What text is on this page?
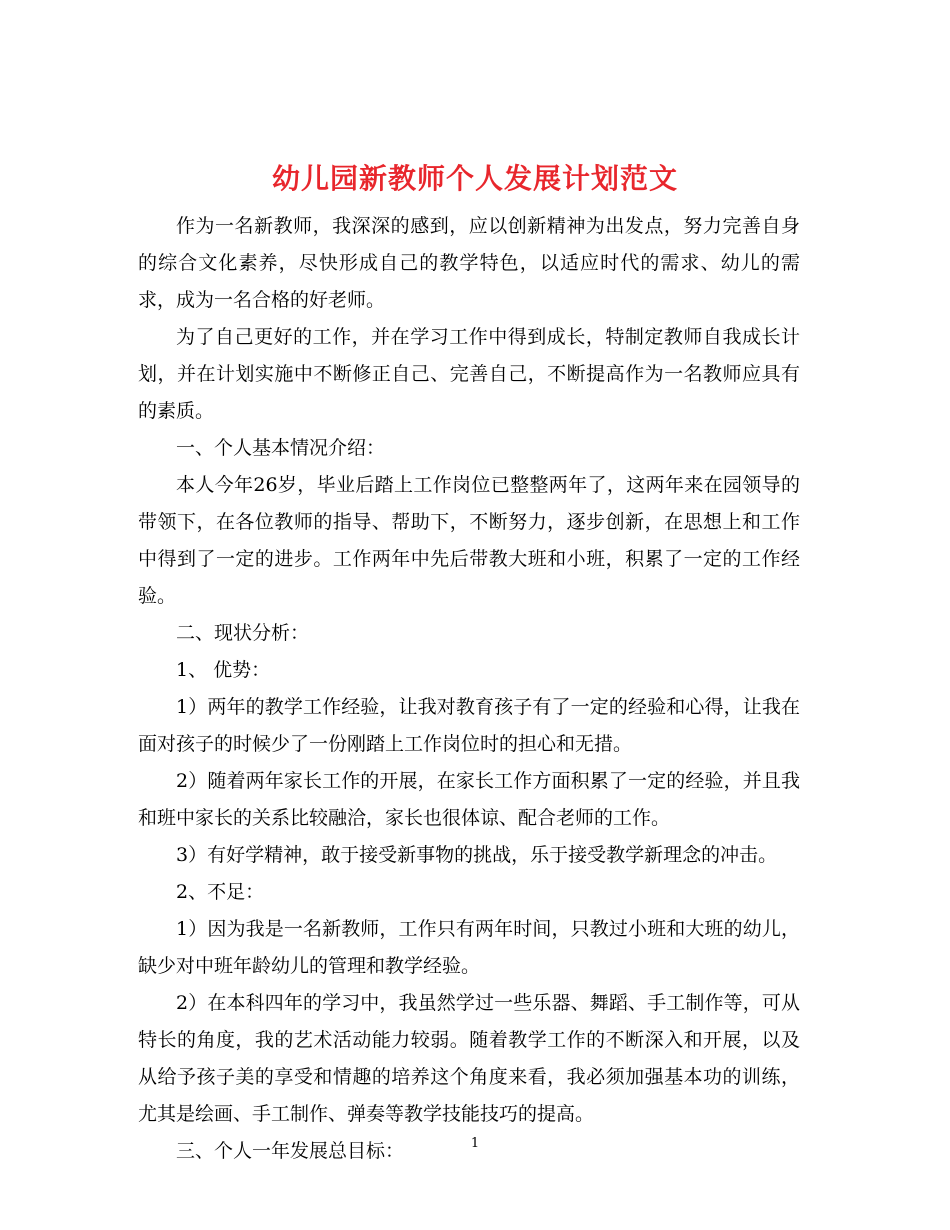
幼儿园新教师个人发展计划范文

作为一名新教师，我深深的感到，应以创新精神为出发点，努力完善自身的综合文化素养，尽快形成自己的教学特色，以适应时代的需求、幼儿的需求，成为一名合格的好老师。

为了自己更好的工作，并在学习工作中得到成长，特制定教师自我成长计划，并在计划实施中不断修正自己、完善自己，不断提高作为一名教师应具有的素质。

一、个人基本情况介绍：

本人今年26岁，毕业后踏上工作岗位已整整两年了，这两年来在园领导的带领下，在各位教师的指导、帮助下，不断努力，逐步创新，在思想上和工作中得到了一定的进步。工作两年中先后带教大班和小班，积累了一定的工作经验。

二、现状分析：

1、 优势：

1）两年的教学工作经验，让我对教育孩子有了一定的经验和心得，让我在面对孩子的时候少了一份刚踏上工作岗位时的担心和无措。

2）随着两年家长工作的开展，在家长工作方面积累了一定的经验，并且我和班中家长的关系比较融洽，家长也很体谅、配合老师的工作。

3）有好学精神，敢于接受新事物的挑战，乐于接受教学新理念的冲击。

2、不足：

1）因为我是一名新教师，工作只有两年时间，只教过小班和大班的幼儿，缺少对中班年龄幼儿的管理和教学经验。

2）在本科四年的学习中，我虽然学过一些乐器、舞蹈、手工制作等，可从特长的角度，我的艺术活动能力较弱。随着教学工作的不断深入和开展，以及从给予孩子美的享受和情趣的培养这个角度来看，我必须加强基本功的训练，尤其是绘画、手工制作、弹奏等教学技能技巧的提高。

三、个人一年发展总目标：	1
